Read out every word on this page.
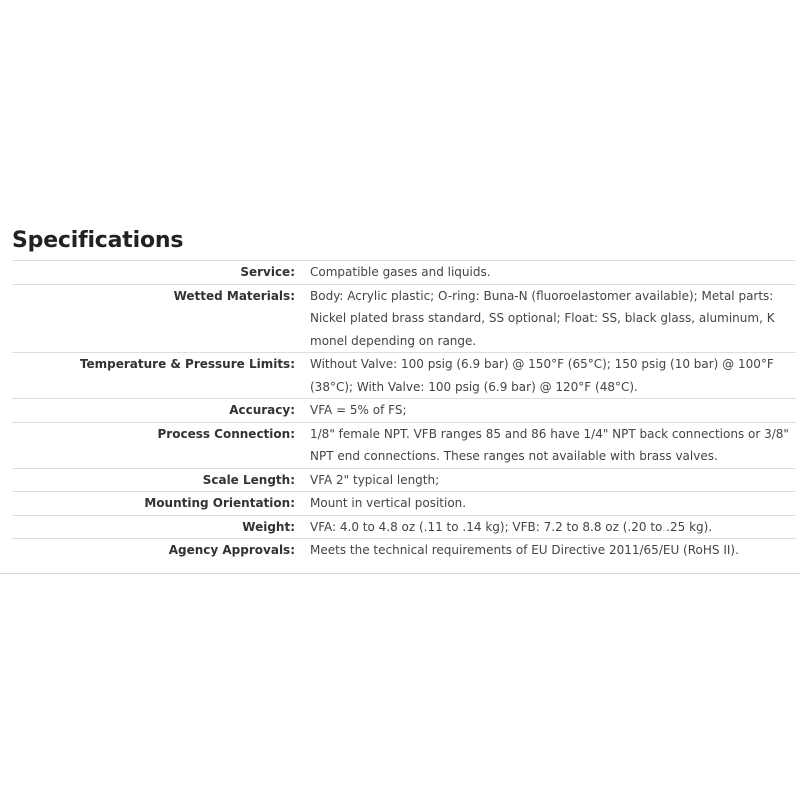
Specifications
Service:	Compatible gases and liquids.
Wetted Materials:	Body: Acrylic plastic; O-ring: Buna-N (fluoroelastomer available); Metal parts: Nickel plated brass standard, SS optional; Float: SS, black glass, aluminum, K monel depending on range.
Temperature & Pressure Limits:	Without Valve: 100 psig (6.9 bar) @ 150°F (65°C); 150 psig (10 bar) @ 100°F (38°C); With Valve: 100 psig (6.9 bar) @ 120°F (48°C).
Accuracy:	VFA = 5% of FS;
Process Connection:	1/8" female NPT. VFB ranges 85 and 86 have 1/4" NPT back connections or 3/8" NPT end connections. These ranges not available with brass valves.
Scale Length:	VFA 2" typical length;
Mounting Orientation:	Mount in vertical position.
Weight:	VFA: 4.0 to 4.8 oz (.11 to .14 kg); VFB: 7.2 to 8.8 oz (.20 to .25 kg).
Agency Approvals:	Meets the technical requirements of EU Directive 2011/65/EU (RoHS II).
